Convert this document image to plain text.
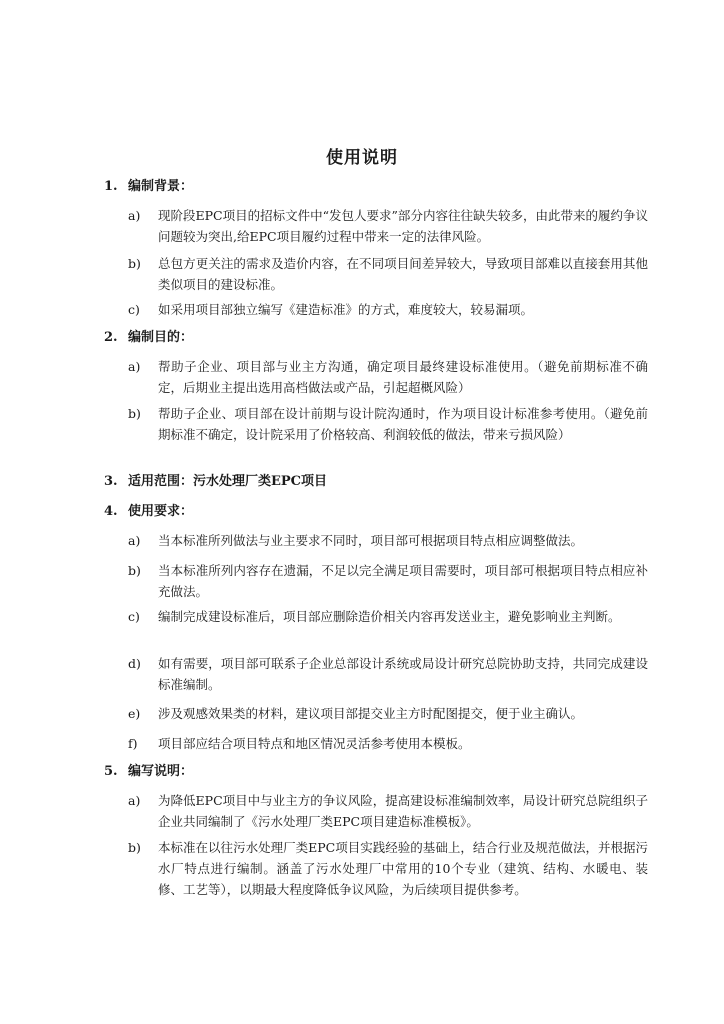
使用说明
1. 编制背景：
a)	现阶段EPC项目的招标文件中“发包人要求”部分内容往往缺失较多，由此带来的履约争议问题较为突出,给EPC项目履约过程中带来一定的法律风险。
b)	总包方更关注的需求及造价内容，在不同项目间差异较大，导致项目部难以直接套用其他类似项目的建设标准。
c)	如采用项目部独立编写《建造标准》的方式，难度较大，较易漏项。
2. 编制目的：
a)	帮助子企业、项目部与业主方沟通，确定项目最终建设标准使用。（避免前期标准不确定，后期业主提出选用高档做法或产品，引起超概风险）
b)	帮助子企业、项目部在设计前期与设计院沟通时，作为项目设计标准参考使用。（避免前期标准不确定，设计院采用了价格较高、利润较低的做法，带来亏损风险）
3. 适用范围：污水处理厂类EPC项目
4. 使用要求：
a)	当本标准所列做法与业主要求不同时，项目部可根据项目特点相应调整做法。
b)	当本标准所列内容存在遗漏，不足以完全满足项目需要时，项目部可根据项目特点相应补充做法。
c)	编制完成建设标准后，项目部应删除造价相关内容再发送业主，避免影响业主判断。
d)	如有需要，项目部可联系子企业总部设计系统或局设计研究总院协助支持，共同完成建设标准编制。
e)	涉及观感效果类的材料，建议项目部提交业主方时配图提交，便于业主确认。
f)	项目部应结合项目特点和地区情况灵活参考使用本模板。
5. 编写说明：
a)	为降低EPC项目中与业主方的争议风险，提高建设标准编制效率，局设计研究总院组织子企业共同编制了《污水处理厂类EPC项目建造标准模板》。
b)	本标准在以往污水处理厂类EPC项目实践经验的基础上，结合行业及规范做法，并根据污水厂特点进行编制。涵盖了污水处理厂中常用的10个专业（建筑、结构、水暖电、装修、工艺等），以期最大程度降低争议风险，为后续项目提供参考。
